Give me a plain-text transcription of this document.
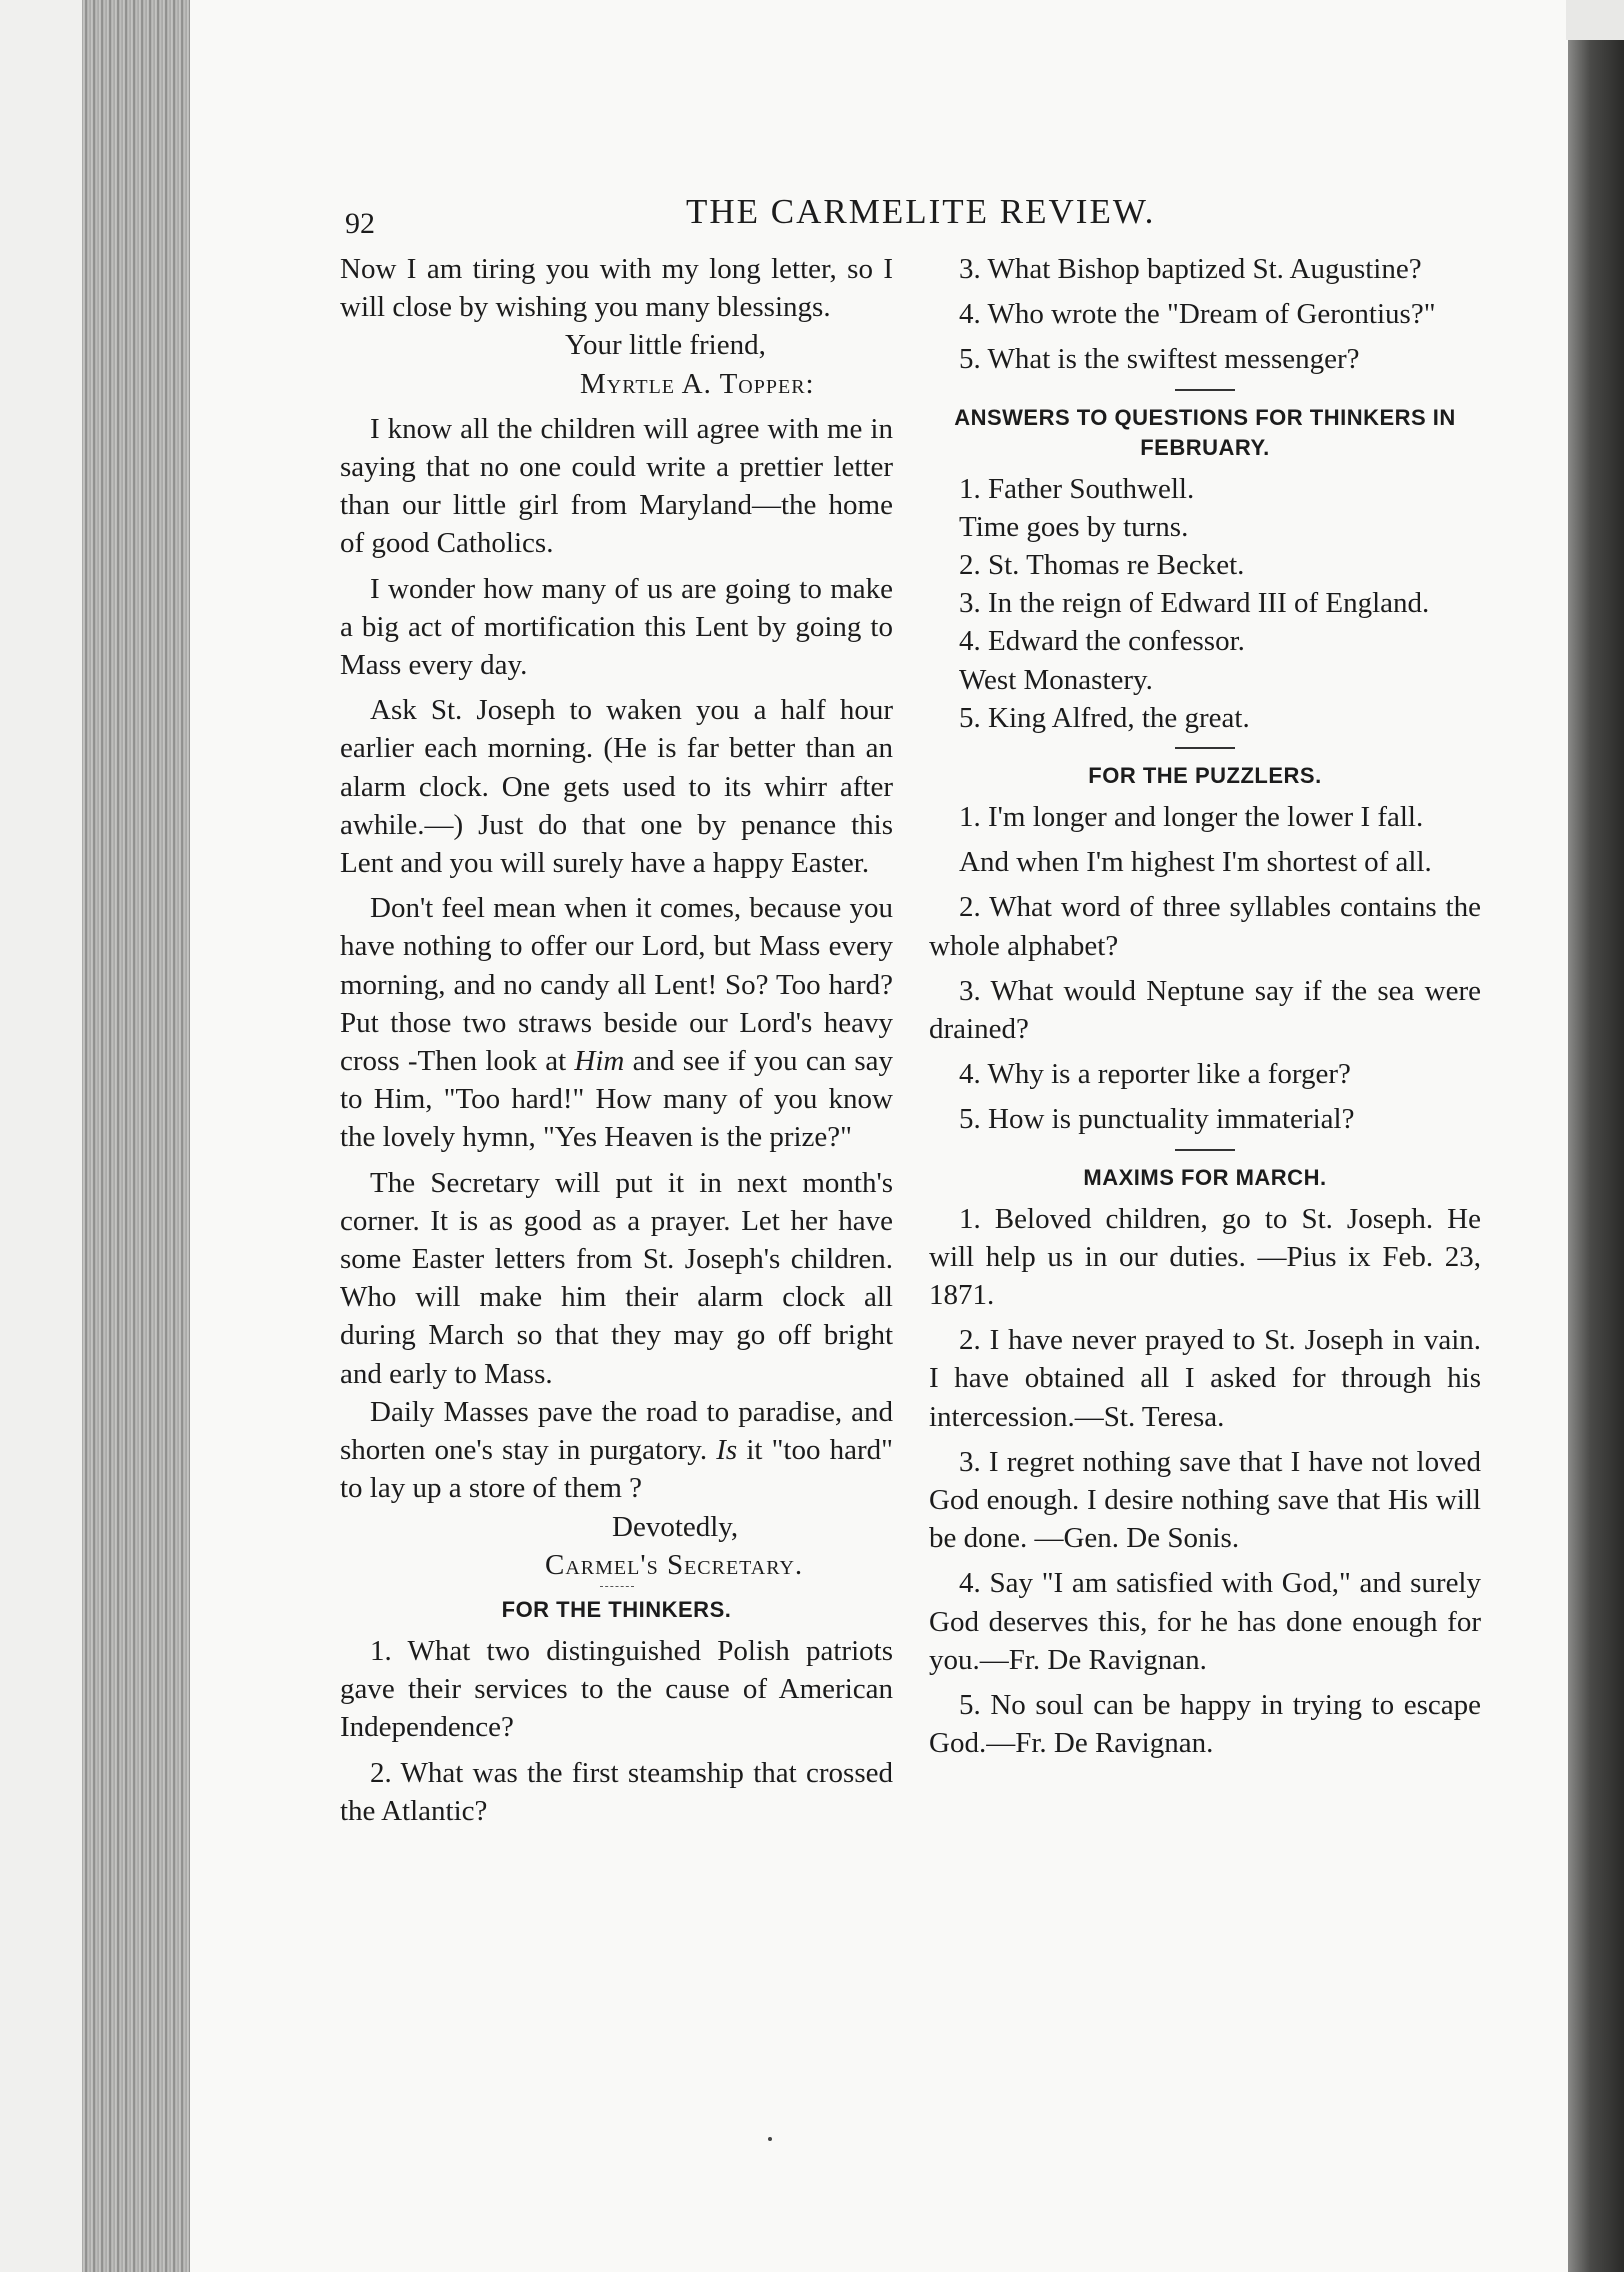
92	THE CARMELITE REVIEW.

Now I am tiring you with my long letter, so I will close by wishing you many blessings.

Your little friend,

Myrtle A. Topper:

I know all the children will agree with me in saying that no one could write a prettier letter than our little girl from Maryland—the home of good Catholics.

I wonder how many of us are going to make a big act of mortification this Lent by going to Mass every day.

Ask St. Joseph to waken you a half hour earlier each morning. (He is far better than an alarm clock. One gets used to its whirr after awhile.—) Just do that one by penance this Lent and you will surely have a happy Easter.

Don't feel mean when it comes, because you have nothing to offer our Lord, but Mass every morning, and no candy all Lent! So? Too hard? Put those two straws beside our Lord's heavy cross -Then look at Him and see if you can say to Him, "Too hard!" How many of you know the lovely hymn, "Yes Heaven is the prize?"

The Secretary will put it in next month's corner. It is as good as a prayer. Let her have some Easter letters from St. Joseph's children. Who will make him their alarm clock all during March so that they may go off bright and early to Mass.

Daily Masses pave the road to paradise, and shorten one's stay in purgatory. Is it "too hard" to lay up a store of them ?

Devotedly,

Carmel's Secretary.

FOR THE THINKERS.

1. What two distinguished Polish patriots gave their services to the cause of American Independence?

2. What was the first steamship that crossed the Atlantic?

3. What Bishop baptized St. Augustine?

4. Who wrote the "Dream of Gerontius?"

5. What is the swiftest messenger?

ANSWERS TO QUESTIONS FOR THINKERS IN FEBRUARY.

1. Father Southwell.

Time goes by turns.

2. St. Thomas re Becket.

3. In the reign of Edward III of England.

4. Edward the confessor.

West Monastery.

5. King Alfred, the great.

FOR THE PUZZLERS.

1. I'm longer and longer the lower I fall.

And when I'm highest I'm shortest of all.

2. What word of three syllables contains the whole alphabet?

3. What would Neptune say if the sea were drained?

4. Why is a reporter like a forger?

5. How is punctuality immaterial?

MAXIMS FOR MARCH.

1. Beloved children, go to St. Joseph. He will help us in our duties. —Pius ix Feb. 23, 1871.

2. I have never prayed to St. Joseph in vain. I have obtained all I asked for through his intercession.—St. Teresa.

3. I regret nothing save that I have not loved God enough. I desire nothing save that His will be done. —Gen. De Sonis.

4. Say "I am satisfied with God," and surely God deserves this, for he has done enough for you.—Fr. De Ravignan.

5. No soul can be happy in trying to escape God.—Fr. De Ravignan.
